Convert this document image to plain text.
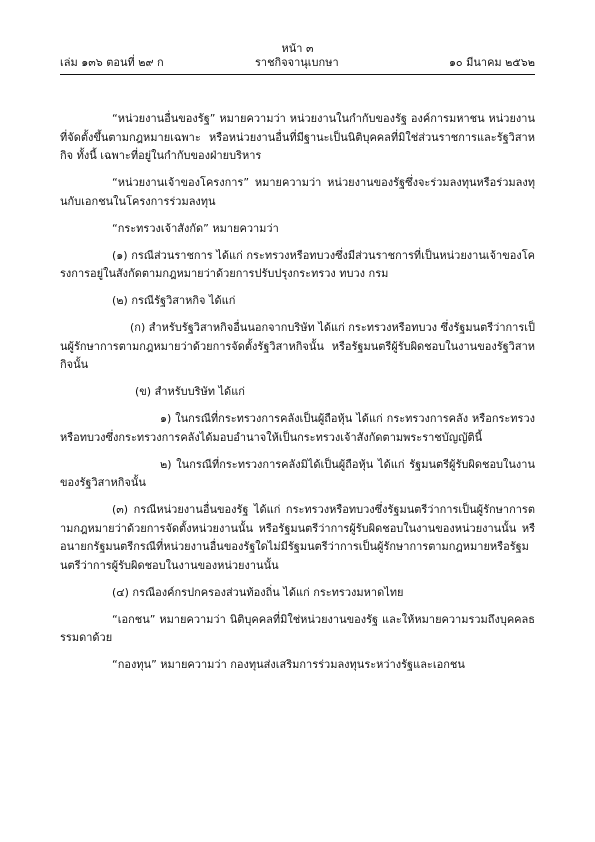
หน้า ๓
เล่ม ๑๓๖ ตอนที่ ๒๙ ก	ราชกิจจานุเบกษา	๑๐ มีนาคม ๒๕๖๒

“หน่วยงานอื่นของรัฐ” หมายความว่า หน่วยงานในกำกับของรัฐ องค์การมหาชน หน่วยงานที่จัดตั้งขึ้นตามกฎหมายเฉพาะ หรือหน่วยงานอื่นที่มีฐานะเป็นนิติบุคคลที่มิใช่ส่วนราชการและรัฐวิสาหกิจ ทั้งนี้ เฉพาะที่อยู่ในกำกับของฝ่ายบริหาร

“หน่วยงานเจ้าของโครงการ” หมายความว่า หน่วยงานของรัฐซึ่งจะร่วมลงทุนหรือร่วมลงทุนกับเอกชนในโครงการร่วมลงทุน

“กระทรวงเจ้าสังกัด” หมายความว่า

(๑) กรณีส่วนราชการ ได้แก่ กระทรวงหรือทบวงซึ่งมีส่วนราชการที่เป็นหน่วยงานเจ้าของโครงการอยู่ในสังกัดตามกฎหมายว่าด้วยการปรับปรุงกระทรวง ทบวง กรม

(๒) กรณีรัฐวิสาหกิจ ได้แก่

(ก) สำหรับรัฐวิสาหกิจอื่นนอกจากบริษัท ได้แก่ กระทรวงหรือทบวง ซึ่งรัฐมนตรีว่าการเป็นผู้รักษาการตามกฎหมายว่าด้วยการจัดตั้งรัฐวิสาหกิจนั้น หรือรัฐมนตรีผู้รับผิดชอบในงานของรัฐวิสาหกิจนั้น

(ข) สำหรับบริษัท ได้แก่

๑) ในกรณีที่กระทรวงการคลังเป็นผู้ถือหุ้น ได้แก่ กระทรวงการคลัง หรือกระทรวงหรือทบวงซึ่งกระทรวงการคลังได้มอบอำนาจให้เป็นกระทรวงเจ้าสังกัดตามพระราชบัญญัตินี้

๒) ในกรณีที่กระทรวงการคลังมิได้เป็นผู้ถือหุ้น ได้แก่ รัฐมนตรีผู้รับผิดชอบในงานของรัฐวิสาหกิจนั้น

(๓) กรณีหน่วยงานอื่นของรัฐ ได้แก่ กระทรวงหรือทบวงซึ่งรัฐมนตรีว่าการเป็นผู้รักษาการตามกฎหมายว่าด้วยการจัดตั้งหน่วยงานนั้น หรือรัฐมนตรีว่าการผู้รับผิดชอบในงานของหน่วยงานนั้น หรือนายกรัฐมนตรีกรณีที่หน่วยงานอื่นของรัฐใดไม่มีรัฐมนตรีว่าการเป็นผู้รักษาการตามกฎหมายหรือรัฐมนตรีว่าการผู้รับผิดชอบในงานของหน่วยงานนั้น

(๔) กรณีองค์กรปกครองส่วนท้องถิ่น ได้แก่ กระทรวงมหาดไทย

“เอกชน” หมายความว่า นิติบุคคลที่มิใช่หน่วยงานของรัฐ และให้หมายความรวมถึงบุคคลธรรมดาด้วย

“กองทุน” หมายความว่า กองทุนส่งเสริมการร่วมลงทุนระหว่างรัฐและเอกชน
